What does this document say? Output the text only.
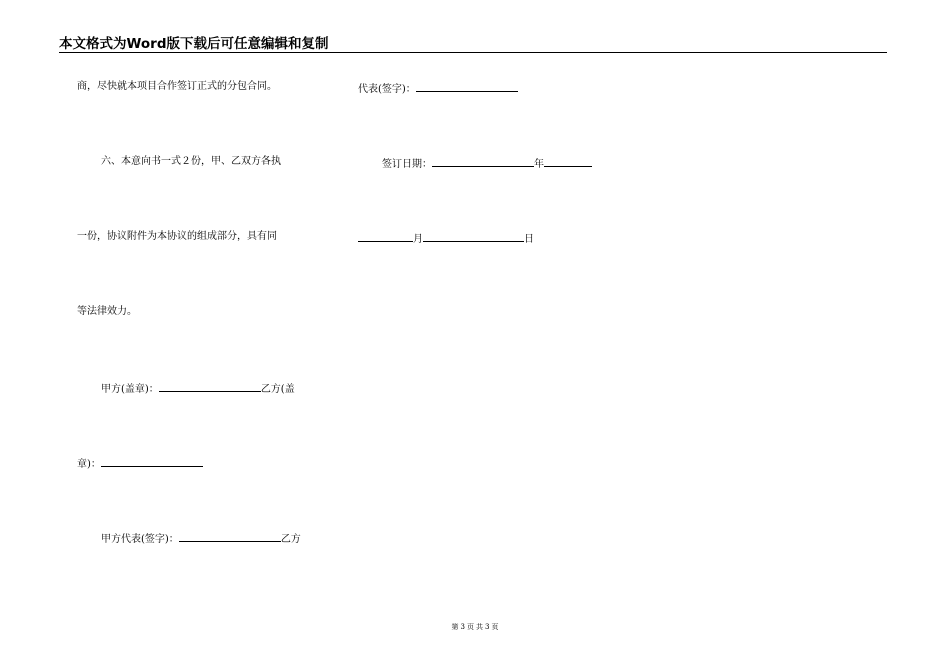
本文格式为Word版下载后可任意编辑和复制
商，尽快就本项目合作签订正式的分包合同。
六、本意向书一式２份，甲、乙双方各执
一份，协议附件为本协议的组成部分，具有同
等法律效力。
甲方(盖章)：	乙方(盖
章)：
甲方代表(签字)：	乙方
代表(签字)：
签订日期：	年
月	日
第 3 页 共 3 页
